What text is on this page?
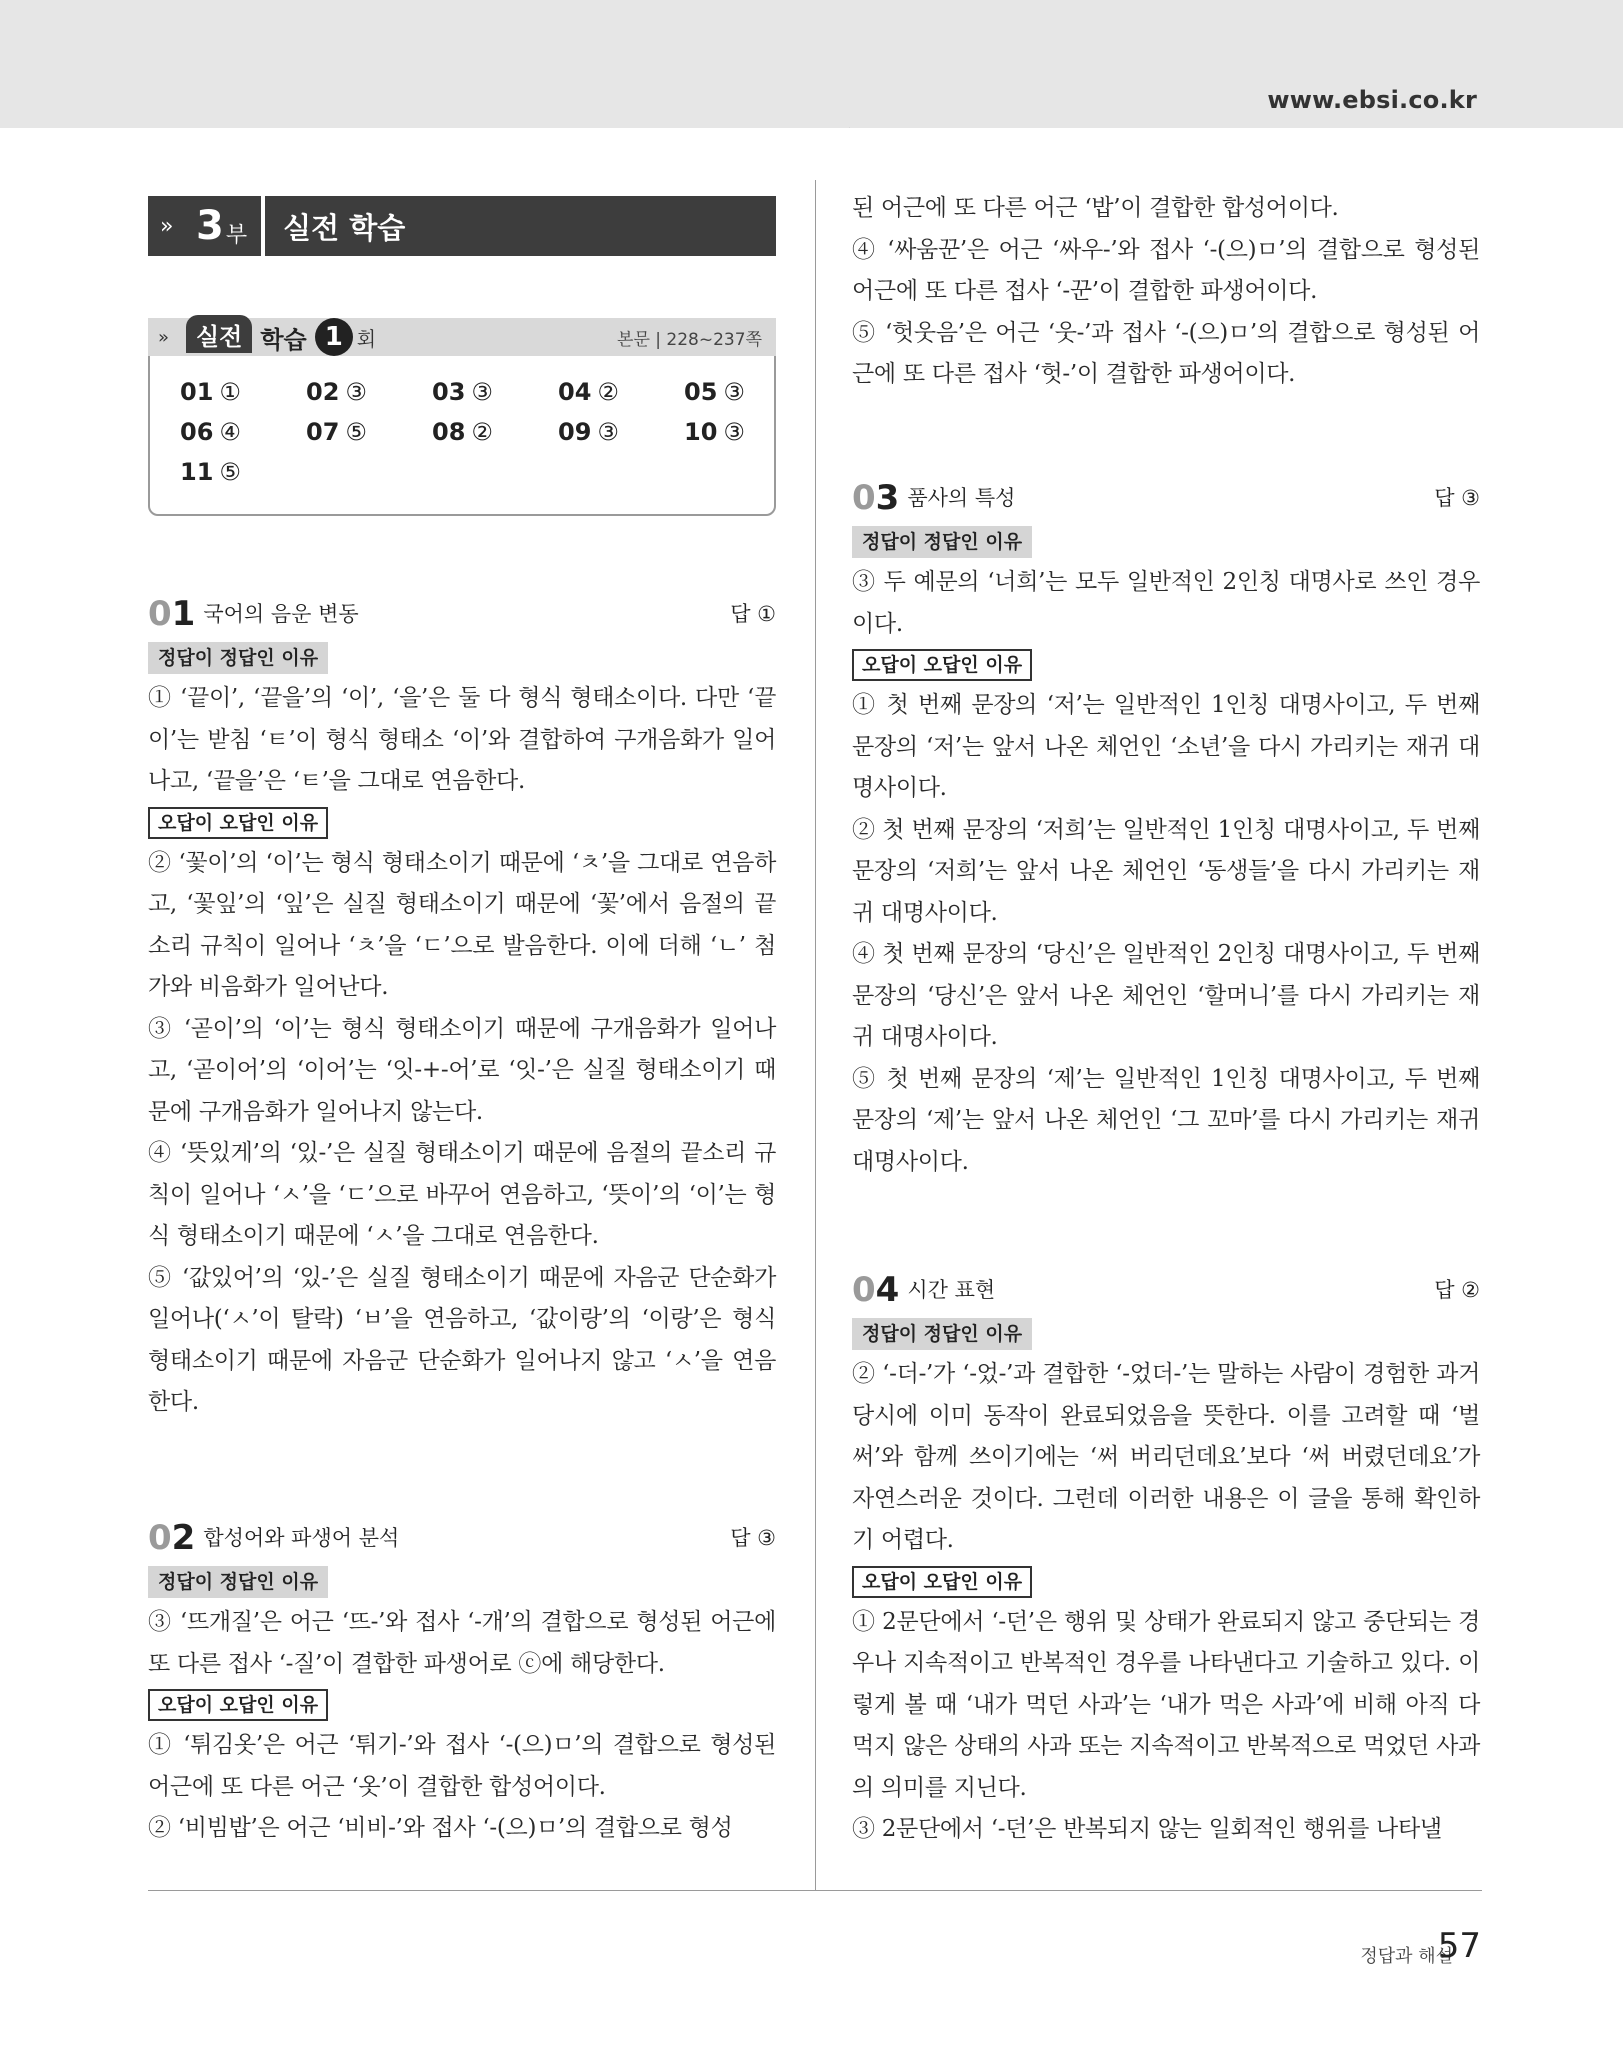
www.ebsi.co.kr
» 3 부 실전 학습
»	실전 학습 1 회	본문 | 228~237쪽
01 ①	02 ③	03 ③	04 ②	05 ③
06 ④	07 ⑤	08 ②	09 ③	10 ③
11 ⑤
01 국어의 음운 변동	답 ①
정답이 정답인 이유

① ‘끝이’, ‘끝을’의 ‘이’, ‘을’은 둘 다 형식 형태소이다. 다만 ‘끝이’는 받침 ‘ㅌ’이 형식 형태소 ‘이’와 결합하여 구개음화가 일어나고, ‘끝을’은 ‘ㅌ’을 그대로 연음한다.

오답이 오답인 이유

② ‘꽃이’의 ‘이’는 형식 형태소이기 때문에 ‘ㅊ’을 그대로 연음하고, ‘꽃잎’의 ‘잎’은 실질 형태소이기 때문에 ‘꽃’에서 음절의 끝소리 규칙이 일어나 ‘ㅊ’을 ‘ㄷ’으로 발음한다. 이에 더해 ‘ㄴ’ 첨가와 비음화가 일어난다.

③ ‘곧이’의 ‘이’는 형식 형태소이기 때문에 구개음화가 일어나고, ‘곧이어’의 ‘이어’는 ‘잇-+-어’로 ‘잇-’은 실질 형태소이기 때문에 구개음화가 일어나지 않는다.

④ ‘뜻있게’의 ‘있-’은 실질 형태소이기 때문에 음절의 끝소리 규칙이 일어나 ‘ㅅ’을 ‘ㄷ’으로 바꾸어 연음하고, ‘뜻이’의 ‘이’는 형식 형태소이기 때문에 ‘ㅅ’을 그대로 연음한다.

⑤ ‘값있어’의 ‘있-’은 실질 형태소이기 때문에 자음군 단순화가 일어나(‘ㅅ’이 탈락) ‘ㅂ’을 연음하고, ‘값이랑’의 ‘이랑’은 형식 형태소이기 때문에 자음군 단순화가 일어나지 않고 ‘ㅅ’을 연음한다.

02 합성어와 파생어 분석	답 ③
정답이 정답인 이유

③ ‘뜨개질’은 어근 ‘뜨-’와 접사 ‘-개’의 결합으로 형성된 어근에 또 다른 접사 ‘-질’이 결합한 파생어로 ⓒ에 해당한다.

오답이 오답인 이유

① ‘튀김옷’은 어근 ‘튀기-’와 접사 ‘-(으)ㅁ’의 결합으로 형성된 어근에 또 다른 어근 ‘옷’이 결합한 합성어이다.

② ‘비빔밥’은 어근 ‘비비-’와 접사 ‘-(으)ㅁ’의 결합으로 형성

된 어근에 또 다른 어근 ‘밥’이 결합한 합성어이다.

④ ‘싸움꾼’은 어근 ‘싸우-’와 접사 ‘-(으)ㅁ’의 결합으로 형성된 어근에 또 다른 접사 ‘-꾼’이 결합한 파생어이다.

⑤ ‘헛웃음’은 어근 ‘웃-’과 접사 ‘-(으)ㅁ’의 결합으로 형성된 어근에 또 다른 접사 ‘헛-’이 결합한 파생어이다.

03 품사의 특성	답 ③
정답이 정답인 이유

③ 두 예문의 ‘너희’는 모두 일반적인 2인칭 대명사로 쓰인 경우이다.

오답이 오답인 이유

① 첫 번째 문장의 ‘저’는 일반적인 1인칭 대명사이고, 두 번째 문장의 ‘저’는 앞서 나온 체언인 ‘소년’을 다시 가리키는 재귀 대명사이다.

② 첫 번째 문장의 ‘저희’는 일반적인 1인칭 대명사이고, 두 번째 문장의 ‘저희’는 앞서 나온 체언인 ‘동생들’을 다시 가리키는 재귀 대명사이다.

④ 첫 번째 문장의 ‘당신’은 일반적인 2인칭 대명사이고, 두 번째 문장의 ‘당신’은 앞서 나온 체언인 ‘할머니’를 다시 가리키는 재귀 대명사이다.

⑤ 첫 번째 문장의 ‘제’는 일반적인 1인칭 대명사이고, 두 번째 문장의 ‘제’는 앞서 나온 체언인 ‘그 꼬마’를 다시 가리키는 재귀 대명사이다.

04 시간 표현	답 ②
정답이 정답인 이유

② ‘-더-’가 ‘-었-’과 결합한 ‘-었더-’는 말하는 사람이 경험한 과거 당시에 이미 동작이 완료되었음을 뜻한다. 이를 고려할 때 ‘벌써’와 함께 쓰이기에는 ‘써 버리던데요’보다 ‘써 버렸던데요’가 자연스러운 것이다. 그런데 이러한 내용은 이 글을 통해 확인하기 어렵다.

오답이 오답인 이유

① 2문단에서 ‘-던’은 행위 및 상태가 완료되지 않고 중단되는 경우나 지속적이고 반복적인 경우를 나타낸다고 기술하고 있다. 이렇게 볼 때 ‘내가 먹던 사과’는 ‘내가 먹은 사과’에 비해 아직 다 먹지 않은 상태의 사과 또는 지속적이고 반복적으로 먹었던 사과의 의미를 지닌다.

③ 2문단에서 ‘-던’은 반복되지 않는 일회적인 행위를 나타낼

정답과 해설
57
